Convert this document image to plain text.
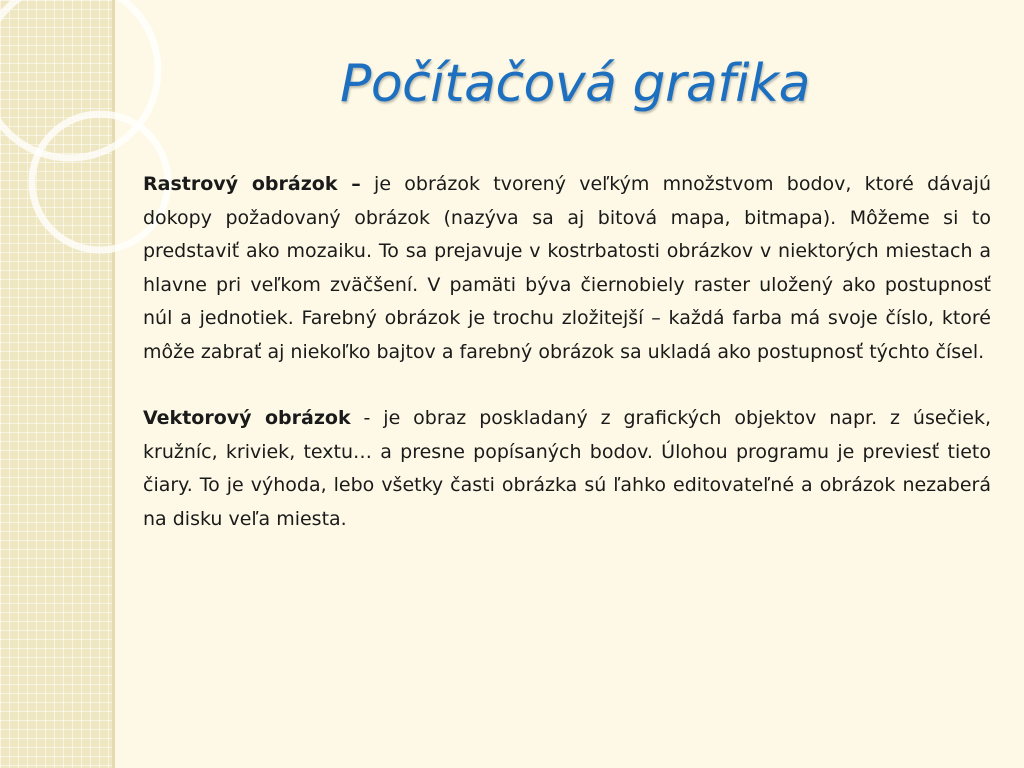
Počítačová grafika

Rastrový obrázok – je obrázok tvorený veľkým množstvom bodov, ktoré dávajú dokopy požadovaný obrázok (nazýva sa aj bitová mapa, bitmapa). Môžeme si to predstaviť ako mozaiku. To sa prejavuje v kostrbatosti obrázkov v niektorých miestach a hlavne pri veľkom zväčšení. V pamäti býva čiernobiely raster uložený ako postupnosť núl a jednotiek. Farebný obrázok je trochu zložitejší – každá farba má svoje číslo, ktoré môže zabrať aj niekoľko bajtov a farebný obrázok sa ukladá ako postupnosť týchto čísel.

Vektorový obrázok - je obraz poskladaný z grafických objektov napr. z úsečiek, kružníc, kriviek, textu… a presne popísaných bodov. Úlohou programu je previesť tieto čiary. To je výhoda, lebo všetky časti obrázka sú ľahko editovateľné a obrázok nezaberá na disku veľa miesta.
